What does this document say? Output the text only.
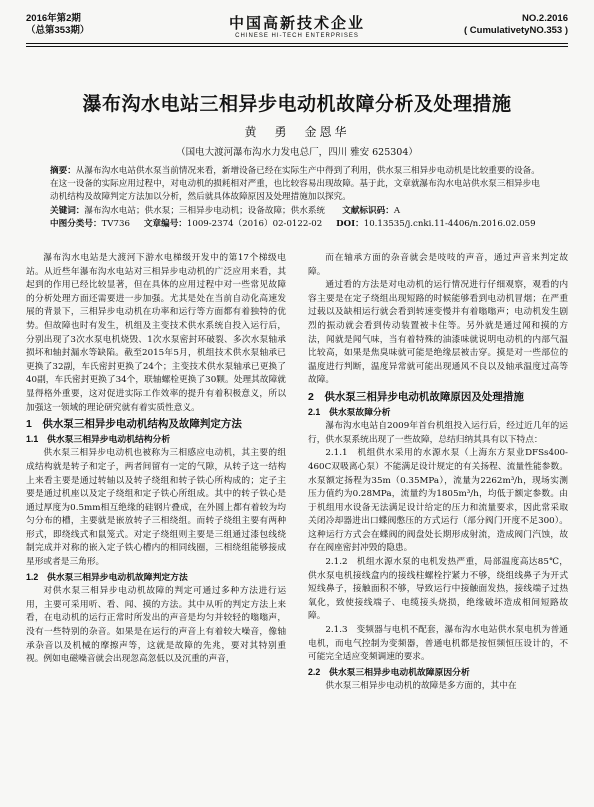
2016年第2期
（总第353期）	中国高新技术企业
CHINESE HI-TECH ENTERPRISES
NO.2.2016
( CumulativetyNO.353 )
瀑布沟水电站三相异步电动机故障分析及处理措施
黄　勇　金恩华
（国电大渡河瀑布沟水力发电总厂，四川 雅安 625304）

摘要：从瀑布沟水电站供水泵当前情况来看，新增设备已经在实际生产中得到了利用，供水泵三相异步电动机是比较重要的设备。在这一设备的实际应用过程中，对电动机的损耗相对严重，也比较容易出现故障。基于此，文章就瀑布沟水电站供水泵三相异步电动机结构及故障判定方法加以分析，然后就具体故障原因及处理措施加以探究。

关键词：瀑布沟水电站；供水泵；三相异步电动机；设备故障；供水系统　　 文献标识码：A

中图分类号：TV736 文章编号：1009-2374（2016）02-0122-02 DOI：10.13535/j.cnki.11-4406/n.2016.02.059

瀑布沟水电站是大渡河下游水电梯级开发中的第17个梯级电站。从近些年瀑布沟水电站对三相异步电动机的广泛应用来看，其起到的作用已经比较显著，但在具体的应用过程中对一些常见故障的分析处理方面还需要进一步加强。尤其是处在当前自动化高速发展的背景下，三相异步电动机在功率和运行等方面都有着独特的优势。但故障也时有发生，机组及主变技术供水系统自投入运行后，分别出现了3次水泵电机烧毁、1次水泵密封环破裂、多次水泵轴承损坏和轴封漏水等缺陷。截至2015年5月，机组技术供水泵轴承已更换了32副，车氏密封更换了24个；主变技术供水泵轴承已更换了40副，车氏密封更换了34个，联轴螺栓更换了30颗。处理其故障就显得格外重要，这对促进实际工作效率的提升有着积极意义，所以加强这一领域的理论研究就有着实质性意义。

1　供水泵三相异步电动机结构及故障判定方法
1.1　供水泵三相异步电动机结构分析

供水泵三相异步电动机也被称为三相感应电动机，其主要的组成结构就是转子和定子，两者间留有一定的气隙，从转子这一结构上来看主要是通过转轴以及转子绕组和转子铁心所构成的；定子主要是通过机座以及定子绕组和定子铁心所组成。其中的转子铁心是通过厚度为0.5mm相互绝缘的硅钢片叠成，在外圆上都有着较为均匀分布的槽，主要就是嵌放转子三相绕组。而转子绕组主要有两种形式，即绕线式和鼠笼式。对定子绕组则主要是三组通过漆包线绕制完成并对称的嵌入定子铁心槽内的相同线圈，三相绕组能够接成星形或者是三角形。

1.2　供水泵三相异步电动机故障判定方法

对供水泵三相异步电动机故障的判定可通过多种方法进行运用，主要可采用听、看、闻、摸的方法。其中从听的判定方法上来看，在电动机的运行正常时所发出的声音是均匀并较轻的嗡嗡声，没有一些特别的杂音。如果是在运行的声音上有着较大噪音，像轴承杂音以及机械的摩擦声等，这就是故障的先兆，要对其特别重视。例如电磁噪音就会出现忽高忽低以及沉重的声音，

而在轴承方面的杂音就会是吱吱的声音，通过声音来判定故障。

通过看的方法是对电动机的运行情况进行仔细观察，观看的内容主要是在定子绕组出现短路的时候能够看到电动机冒烟；在严重过载以及缺相运行就会看到转速变慢并有着嗡嗡声；电动机发生剧烈的振动就会看到传动装置被卡住等。另外就是通过闻和摸的方法，闻就是闻气味，当有着特殊的油漆味就说明电动机的内部气温比较高，如果是焦臭味就可能是绝缘层被击穿。摸是对一些部位的温度进行判断，温度异常就可能出现通风不良以及轴承温度过高等故障。

2　供水泵三相异步电动机故障原因及处理措施
2.1　供水泵故障分析

瀑布沟水电站自2009年首台机组投入运行后，经过近几年的运行，供水泵系统出现了一些故障，总结归纳其具有以下特点：

2.1.1　机组供水采用的水源水泵（上海东方泵业DFSs400-460C双吸离心泵）不能满足设计规定的有关扬程、流量性能参数。水泵额定扬程为35m（0.35MPa），流量为2262m³/h，现场实测压力值约为0.28MPa，流量约为1805m³/h，均低于额定参数。由于机组用水设备无法满足设计给定的压力和流量要求，因此常采取关闭冷却器进出口蝶阀憋压的方式运行（部分阀门开度不足300）。这种运行方式会在蝶阀的阀盘处长期形成射流，造成阀门汽蚀，故存在阀座密封冲毁的隐患。

2.1.2　机组水源水泵的电机发热严重，局部温度高达85℃，供水泵电机接线盒内的接线柱螺栓拧紧力不够，绕组线鼻子为开式短线鼻子，接触面积不够，导致运行中接触面发热，接线端子过热氧化，致使接线端子、电缆接头烧损，绝缘破坏造成相间短路故障。

2.1.3　变频器与电机不配套，瀑布沟水电站供水泵电机为普通电机，而电气控制为变频器，普通电机都是按恒频恒压设计的，不可能完全适应变频调速的要求。

2.2　供水泵三相异步电动机故障原因分析

供水泵三相异步电动机的故障是多方面的，其中在
